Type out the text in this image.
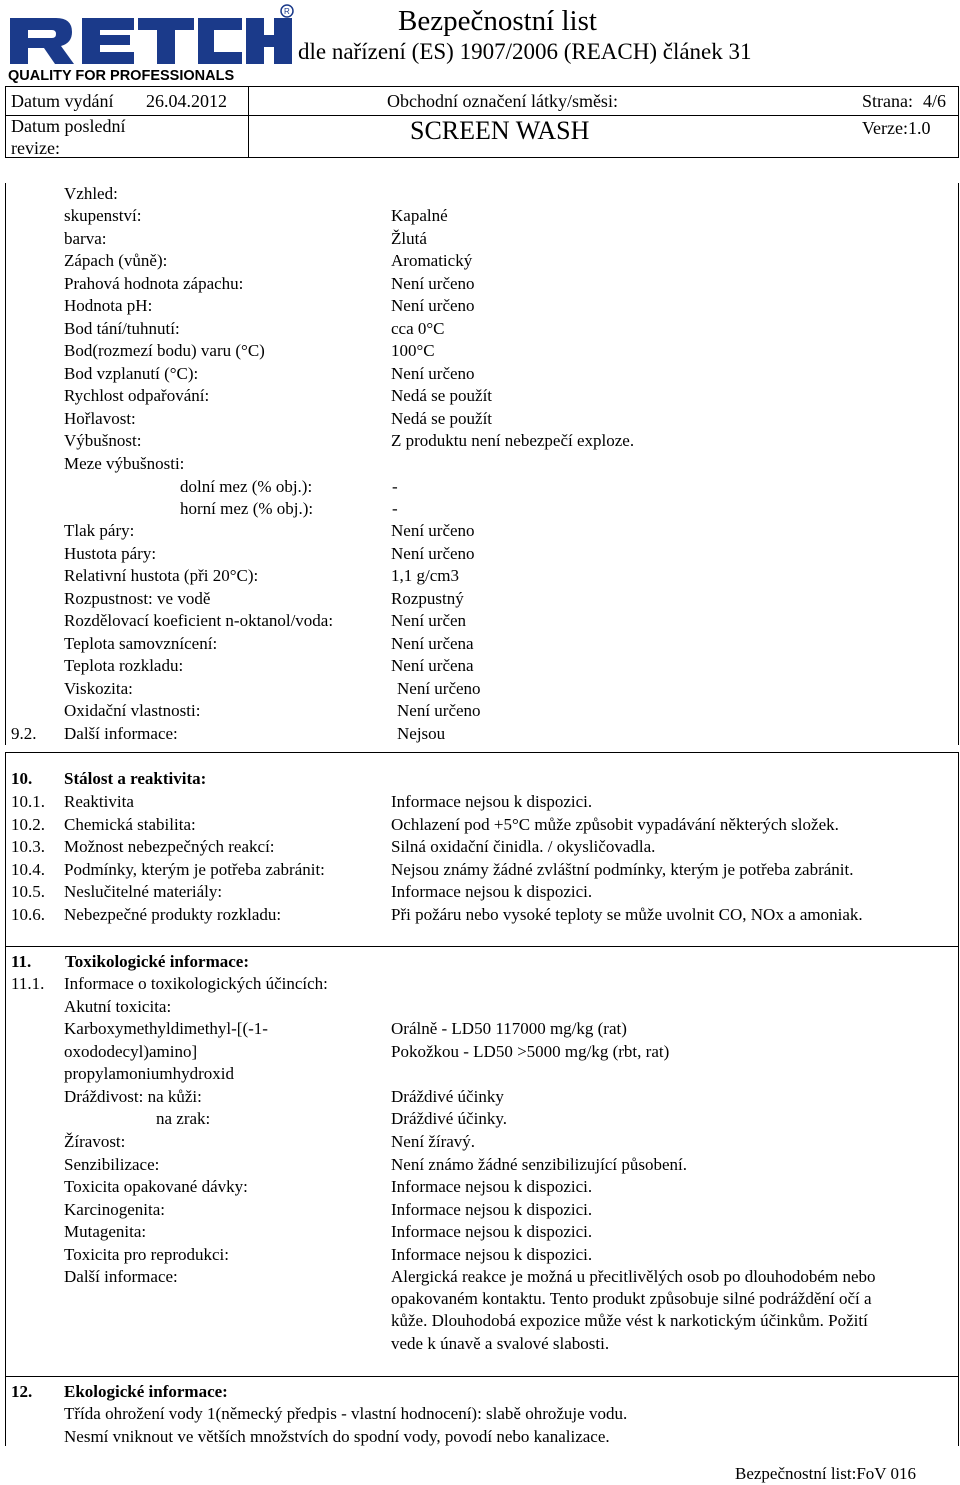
R
QUALITY FOR PROFESSIONALS
Bezpečnostní list
dle nařízení (ES) 1907/2006 (REACH) článek 31
Datum vydání 26.04.2012	Obchodní označení látky/směsi:	Strana: 4/6
Datum poslední
revize:
SCREEN WASH	Verze:1.0
Vzhled:
skupenství:	Kapalné
barva:	Žlutá
Zápach (vůně):	Aromatický
Prahová hodnota zápachu:	Není určeno
Hodnota pH:	Není určeno
Bod tání/tuhnutí:	cca 0°C
Bod(rozmezí bodu) varu (°C)	100°C
Bod vzplanutí (°C):	Není určeno
Rychlost odpařování:	Nedá se použít
Hořlavost:	Nedá se použít
Výbušnost:	Z produktu není nebezpečí exploze.
Meze výbušnosti:
dolní mez (% obj.):	-
horní mez (% obj.):	-
Tlak páry:	Není určeno
Hustota páry:	Není určeno
Relativní hustota (při 20°C):	1,1 g/cm3
Rozpustnost: ve vodě	Rozpustný
Rozdělovací koeficient n-oktanol/voda:	Není určen
Teplota samovznícení:	Není určena
Teplota rozkladu:	Není určena
Viskozita:	Není určeno
Oxidační vlastnosti:	Není určeno
9.2. Další informace:	Nejsou
10. Stálost a reaktivita:
10.1. Reaktivita	Informace nejsou k dispozici.
10.2. Chemická stabilita:	Ochlazení pod +5°C může způsobit vypadávání některých složek.
10.3. Možnost nebezpečných reakcí:	Silná oxidační činidla. / okysličovadla.
10.4. Podmínky, kterým je potřeba zabránit:	Nejsou známy žádné zvláštní podmínky, kterým je potřeba zabránit.
10.5. Neslučitelné materiály:	Informace nejsou k dispozici.
10.6. Nebezpečné produkty rozkladu:	Při požáru nebo vysoké teploty se může uvolnit CO, NOx a amoniak.
11. Toxikologické informace:
11.1. Informace o toxikologických účincích:
Akutní toxicita:
Karboxymethyldimethyl-[(-1-
oxododecyl)amino]
propylamoniumhydroxid
Orálně - LD50 117000 mg/kg (rat)
Pokožkou - LD50 >5000 mg/kg (rbt, rat)
Dráždivost: na kůži:	Dráždivé účinky
na zrak:	Dráždivé účinky.
Žíravost:	Není žíravý.
Senzibilizace:	Není známo žádné senzibilizující působení.
Toxicita opakované dávky:	Informace nejsou k dispozici.
Karcinogenita:	Informace nejsou k dispozici.
Mutagenita:	Informace nejsou k dispozici.
Toxicita pro reprodukci:	Informace nejsou k dispozici.
Další informace:	Alergická reakce je možná u přecitlivělých osob po dlouhodobém nebo
opakovaném kontaktu. Tento produkt způsobuje silné podráždění očí a
kůže. Dlouhodobá expozice může vést k narkotickým účinkům. Požití
vede k únavě a svalové slabosti.
12. Ekologické informace:
Třída ohrožení vody 1(německý předpis - vlastní hodnocení): slabě ohrožuje vodu.
Nesmí vniknout ve větších množstvích do spodní vody, povodí nebo kanalizace.
Bezpečnostní list:FoV 016
